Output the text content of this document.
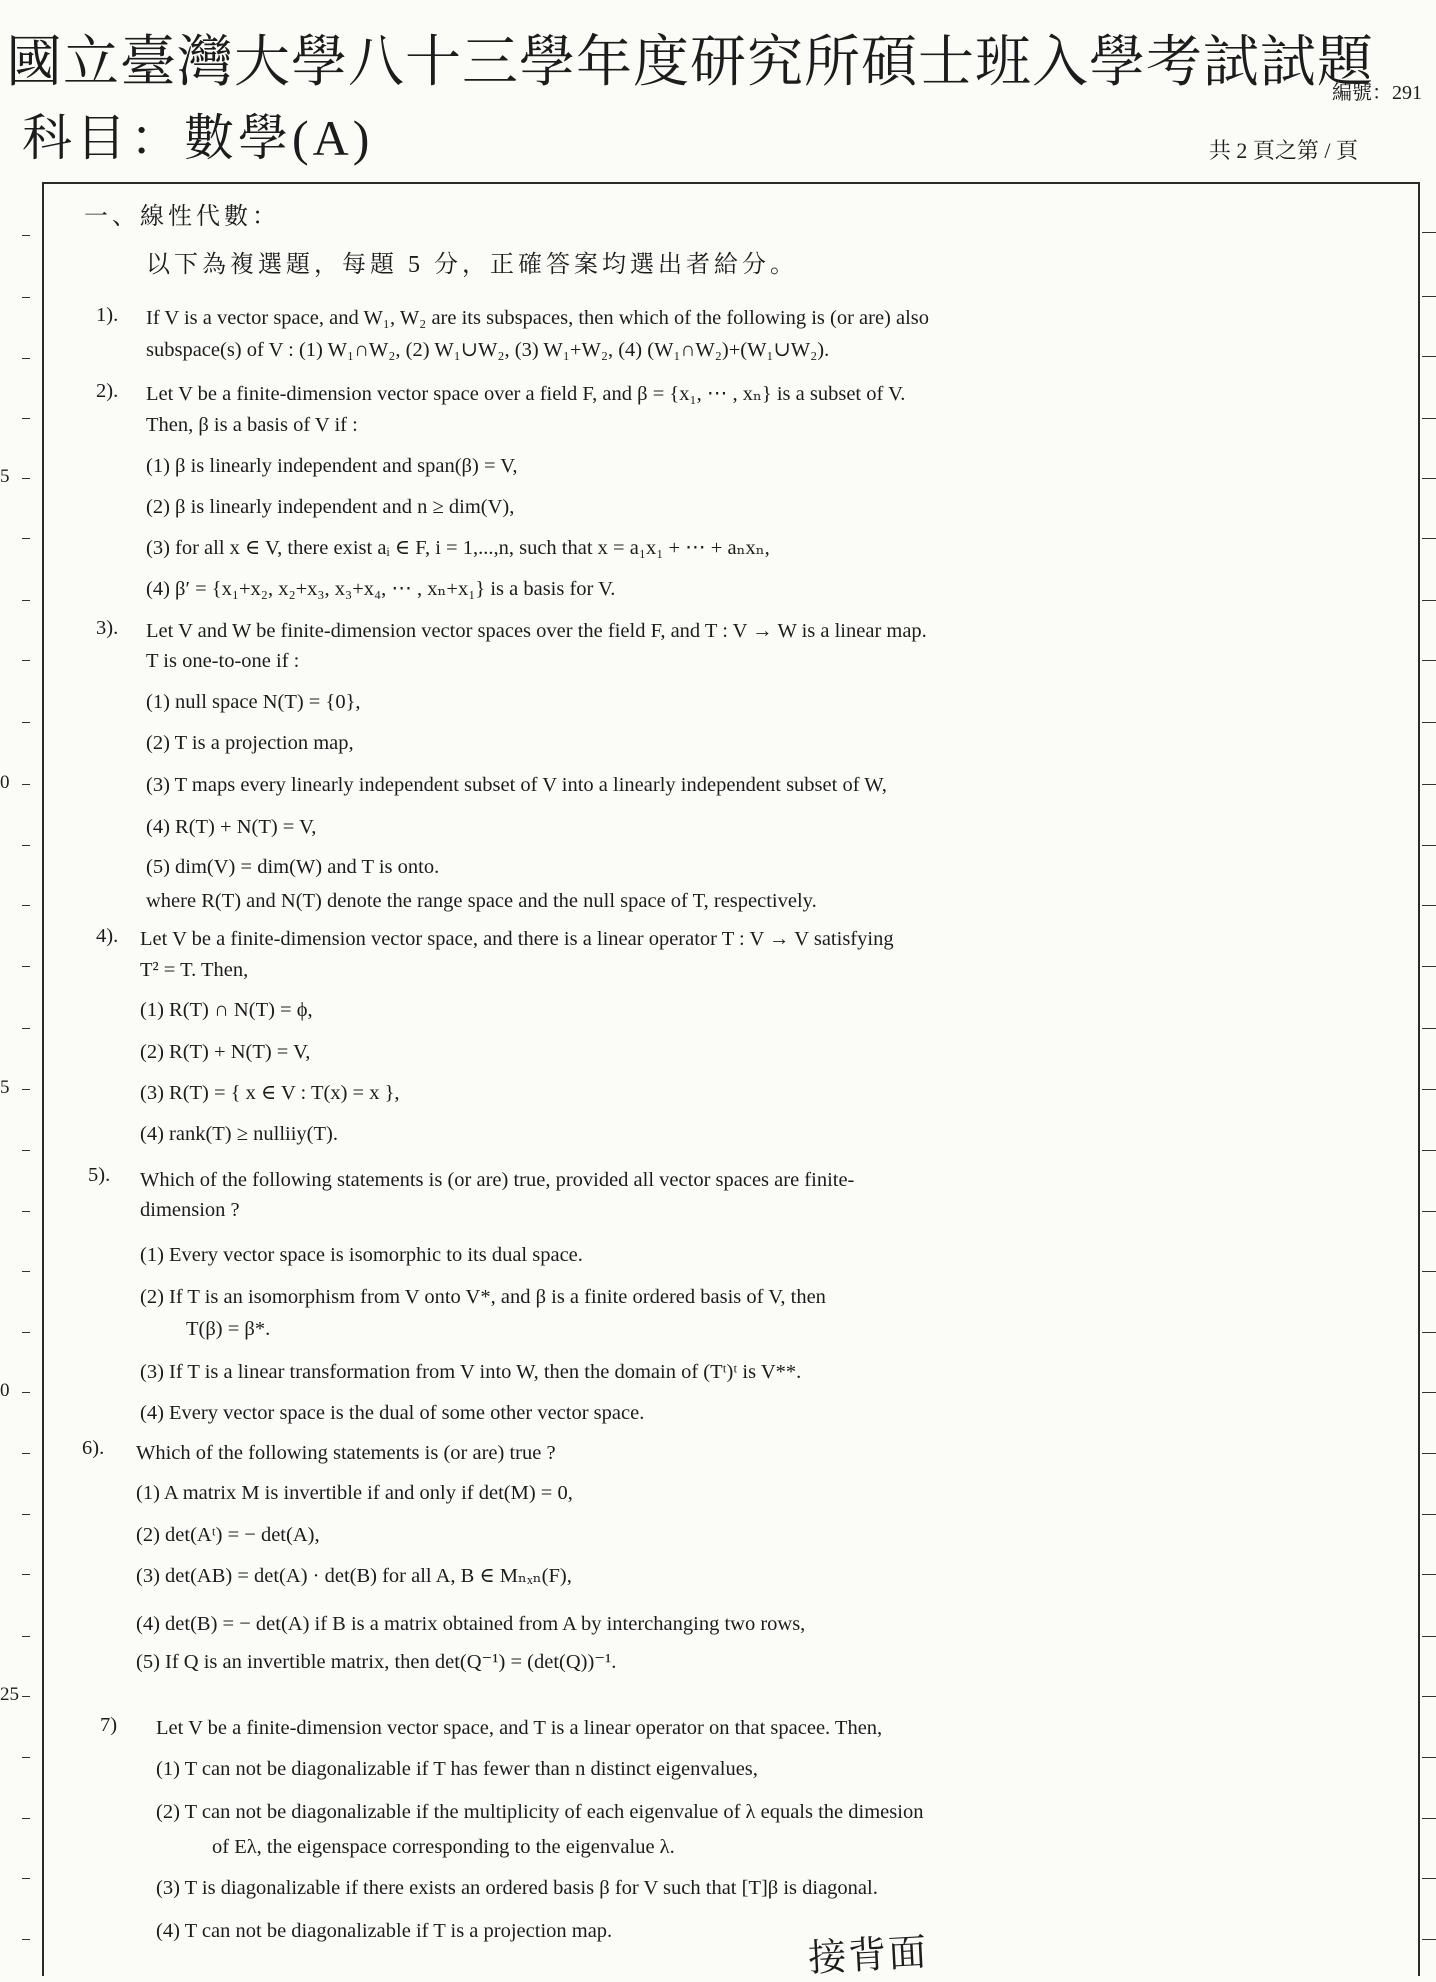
國立臺灣大學八十三學年度研究所碩士班入學考試試題
科目：數學(A)
編號：291
共 2 頁之第 / 頁
5
0
5
0
25
一、線性代數：
以下為複選題，每題 5 分，正確答案均選出者給分。
1). If V is a vector space, and W₁, W₂ are its subspaces, then which of the following is (or are) also
subspace(s) of V : (1) W₁∩W₂, (2) W₁∪W₂, (3) W₁+W₂, (4) (W₁∩W₂)+(W₁∪W₂).
2). Let V be a finite-dimension vector space over a field F, and β = {x₁, ⋯ , xₙ} is a subset of V.
Then, β is a basis of V if :
(1) β is linearly independent and span(β) = V,
(2) β is linearly independent and n ≥ dim(V),
(3) for all x ∈ V, there exist aᵢ ∈ F, i = 1,...,n, such that x = a₁x₁ + ⋯ + aₙxₙ,
(4) β′ = {x₁+x₂, x₂+x₃, x₃+x₄, ⋯ , xₙ+x₁} is a basis for V.
3). Let V and W be finite-dimension vector spaces over the field F, and T : V → W is a linear map.
T is one-to-one if :
(1) null space N(T) = {0},
(2) T is a projection map,
(3) T maps every linearly independent subset of V into a linearly independent subset of W,
(4) R(T) + N(T) = V,
(5) dim(V) = dim(W) and T is onto.
where R(T) and N(T) denote the range space and the null space of T, respectively.
4). Let V be a finite-dimension vector space, and there is a linear operator T : V → V satisfying
T² = T. Then,
(1) R(T) ∩ N(T) = ϕ,
(2) R(T) + N(T) = V,
(3) R(T) = { x ∈ V : T(x) = x },
(4) rank(T) ≥ nulliiy(T).
5). Which of the following statements is (or are) true, provided all vector spaces are finite-
dimension ?
(1) Every vector space is isomorphic to its dual space.
(2) If T is an isomorphism from V onto V*, and β is a finite ordered basis of V, then
T(β) = β*.
(3) If T is a linear transformation from V into W, then the domain of (Tᵗ)ᵗ is V**.
(4) Every vector space is the dual of some other vector space.
6). Which of the following statements is (or are) true ?
(1) A matrix M is invertible if and only if det(M) = 0,
(2) det(Aᵗ) = − det(A),
(3) det(AB) = det(A) · det(B) for all A, B ∈ Mₙₓₙ(F),
(4) det(B) = − det(A) if B is a matrix obtained from A by interchanging two rows,
(5) If Q is an invertible matrix, then det(Q⁻¹) = (det(Q))⁻¹.
7) Let V be a finite-dimension vector space, and T is a linear operator on that spacee. Then,
(1) T can not be diagonalizable if T has fewer than n distinct eigenvalues,
(2) T can not be diagonalizable if the multiplicity of each eigenvalue of λ equals the dimesion
of Eλ, the eigenspace corresponding to the eigenvalue λ.
(3) T is diagonalizable if there exists an ordered basis β for V such that [T]β is diagonal.
(4) T can not be diagonalizable if T is a projection map.	接背面
